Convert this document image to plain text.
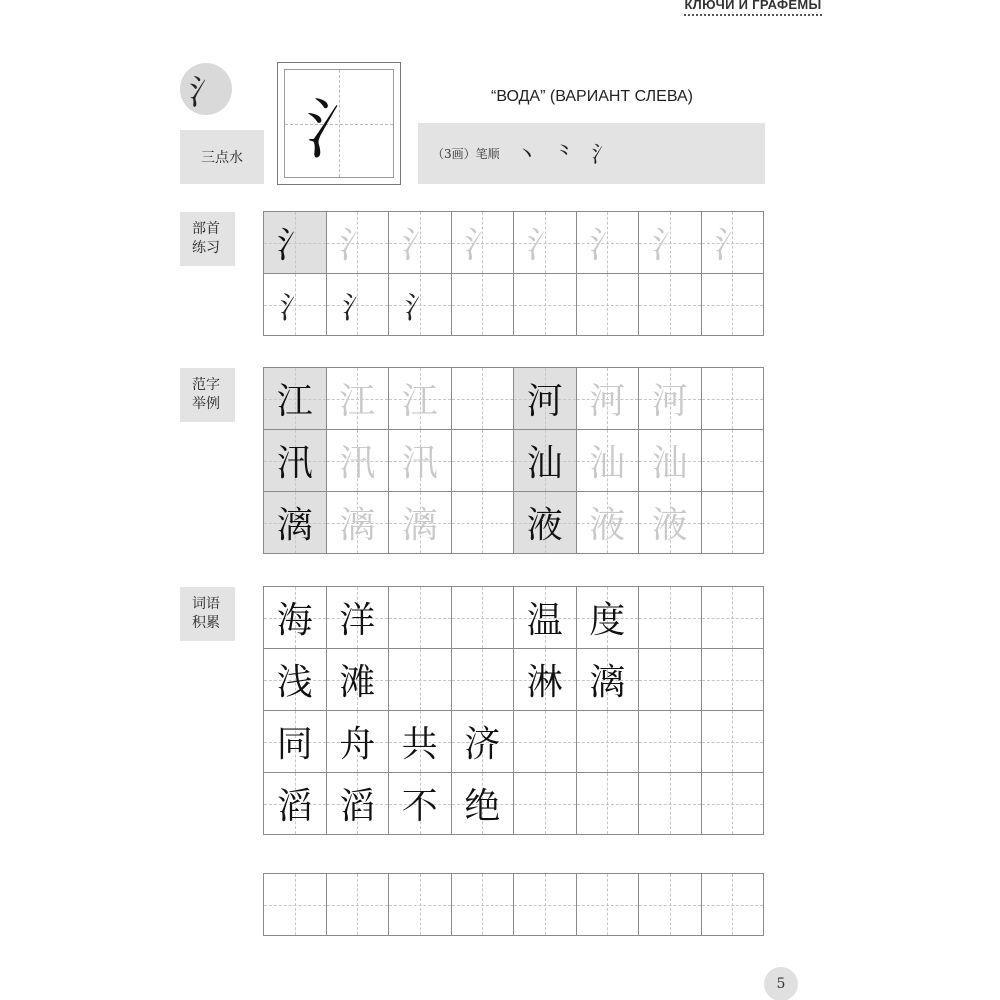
КЛЮЧИ И ГРАФЕМЫ
氵
三点水 氵	“ВОДА” (ВАРИАНТ СЛЕВА)
（3画）笔顺 丶 ⺀ 氵
部首
练习	氵 氵 氵 氵 氵 氵 氵 氵
氵 氵 氵
范字
举例	江 江 江 河 河 河
汛 汛 汛 汕 汕 汕
漓 漓 漓 液 液 液
词语
积累	海 洋	温 度
浅 滩	淋 漓
同 舟 共 济
滔 滔 不 绝
5
